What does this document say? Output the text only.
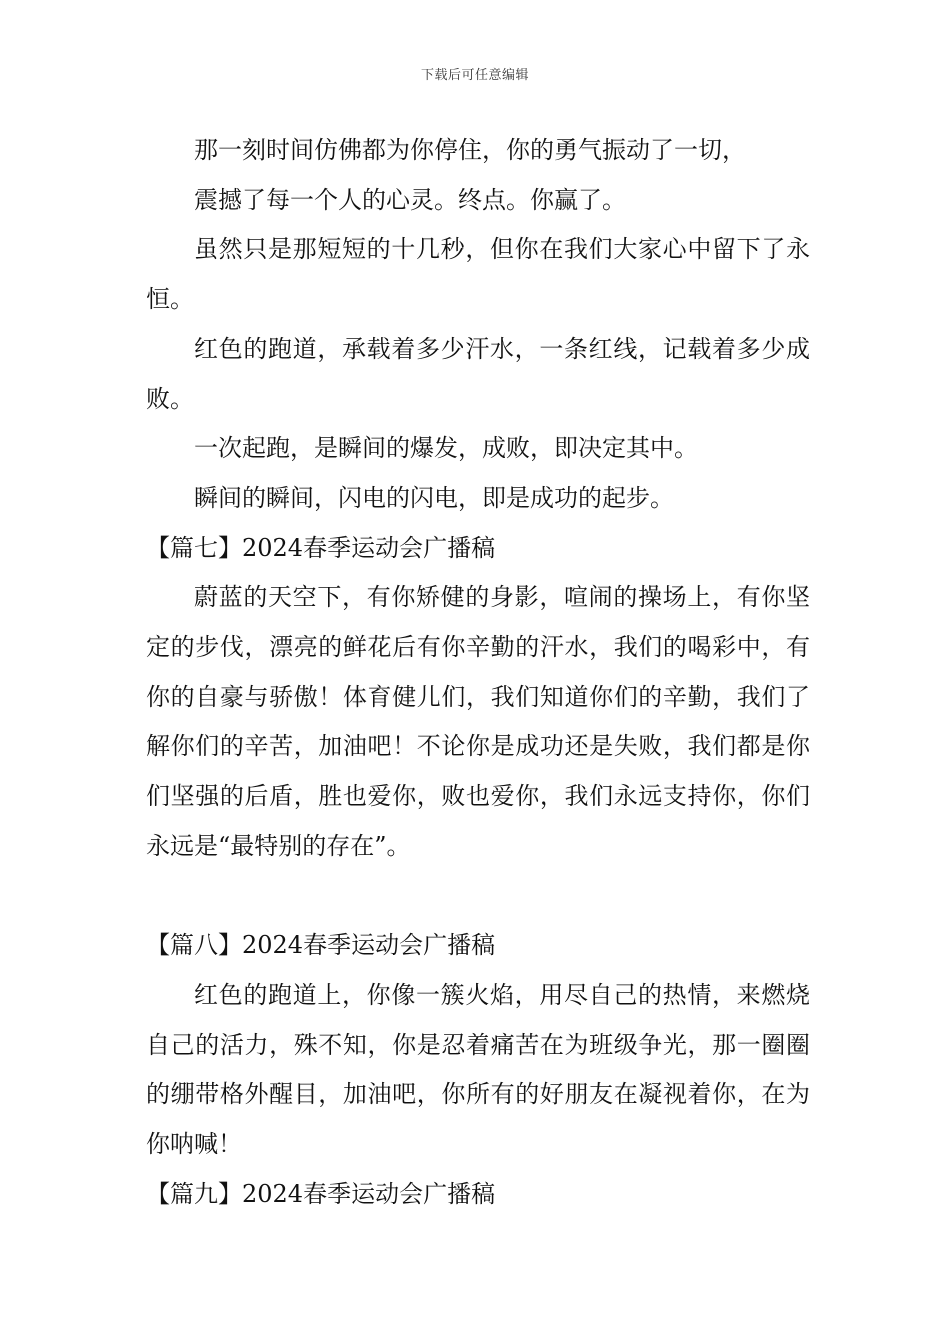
下载后可任意编辑

那一刻时间仿佛都为你停住，你的勇气振动了一切，

震撼了每一个人的心灵。终点。你赢了。

虽然只是那短短的十几秒，但你在我们大家心中留下了永恒。

红色的跑道，承载着多少汗水，一条红线，记载着多少成败。

一次起跑，是瞬间的爆发，成败，即决定其中。

瞬间的瞬间，闪电的闪电，即是成功的起步。

【篇七】2024春季运动会广播稿

蔚蓝的天空下，有你矫健的身影，喧闹的操场上，有你坚定的步伐，漂亮的鲜花后有你辛勤的汗水，我们的喝彩中，有你的自豪与骄傲！体育健儿们，我们知道你们的辛勤，我们了解你们的辛苦，加油吧！不论你是成功还是失败，我们都是你们坚强的后盾，胜也爱你，败也爱你，我们永远支持你，你们永远是“最特别的存在”。

【篇八】2024春季运动会广播稿

红色的跑道上，你像一簇火焰，用尽自己的热情，来燃烧自己的活力，殊不知，你是忍着痛苦在为班级争光，那一圈圈的绷带格外醒目，加油吧，你所有的好朋友在凝视着你，在为你呐喊！

【篇九】2024春季运动会广播稿
